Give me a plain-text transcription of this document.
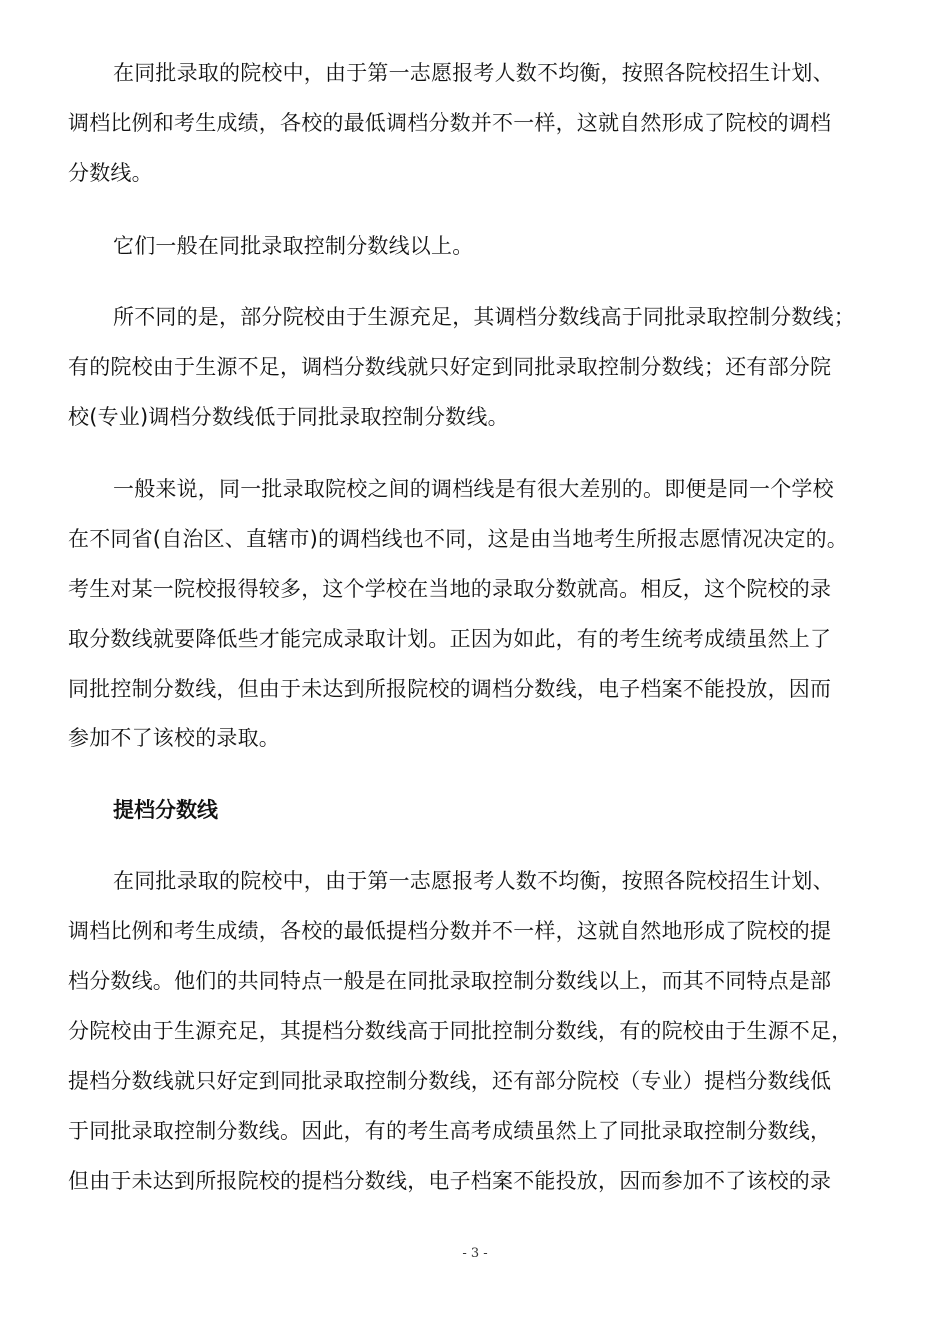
在同批录取的院校中，由于第一志愿报考人数不均衡，按照各院校招生计划、
调档比例和考生成绩，各校的最低调档分数并不一样，这就自然形成了院校的调档
分数线。
它们一般在同批录取控制分数线以上。
所不同的是，部分院校由于生源充足，其调档分数线高于同批录取控制分数线；
有的院校由于生源不足，调档分数线就只好定到同批录取控制分数线；还有部分院
校(专业)调档分数线低于同批录取控制分数线。
一般来说，同一批录取院校之间的调档线是有很大差别的。即便是同一个学校
在不同省(自治区、直辖市)的调档线也不同，这是由当地考生所报志愿情况决定的。
考生对某一院校报得较多，这个学校在当地的录取分数就高。相反，这个院校的录
取分数线就要降低些才能完成录取计划。正因为如此，有的考生统考成绩虽然上了
同批控制分数线，但由于未达到所报院校的调档分数线，电子档案不能投放，因而
参加不了该校的录取。
提档分数线
在同批录取的院校中，由于第一志愿报考人数不均衡，按照各院校招生计划、
调档比例和考生成绩，各校的最低提档分数并不一样，这就自然地形成了院校的提
档分数线。他们的共同特点一般是在同批录取控制分数线以上，而其不同特点是部
分院校由于生源充足，其提档分数线高于同批控制分数线，有的院校由于生源不足，
提档分数线就只好定到同批录取控制分数线，还有部分院校（专业）提档分数线低
于同批录取控制分数线。因此，有的考生高考成绩虽然上了同批录取控制分数线，
但由于未达到所报院校的提档分数线，电子档案不能投放，因而参加不了该校的录
- 3 -
